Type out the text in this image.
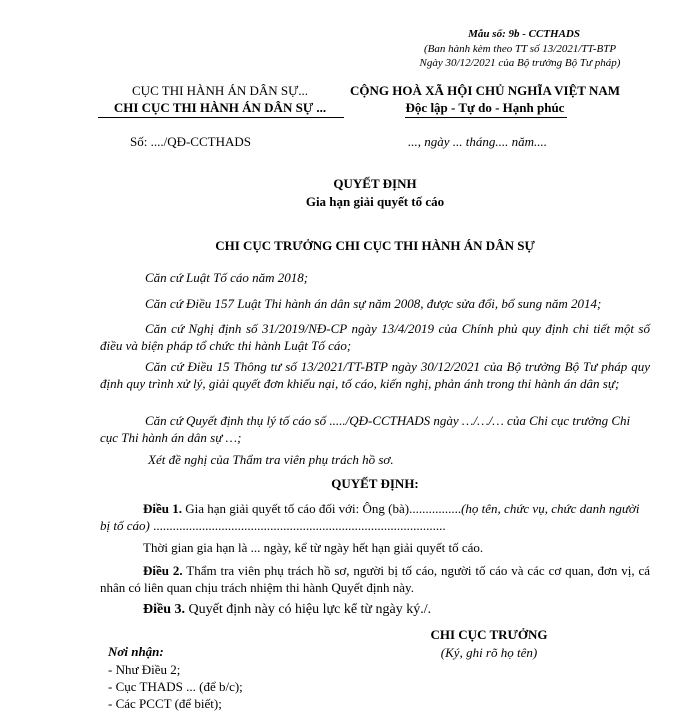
Mẫu số: 9b - CCTHADS
(Ban hành kèm theo TT số 13/2021/TT-BTP
Ngày 30/12/2021 của Bộ trưởng Bộ Tư pháp)
CỤC THI HÀNH ÁN DÂN SỰ...
CHI CỤC THI HÀNH ÁN DÂN SỰ ...
CỘNG HOÀ XÃ HỘI CHỦ NGHĨA VIỆT NAM
Độc lập - Tự do - Hạnh phúc
Số: ..../QĐ-CCTHADS	..., ngày ... tháng.... năm....
QUYẾT ĐỊNH
Gia hạn giải quyết tố cáo
CHI CỤC TRƯỞNG CHI CỤC THI HÀNH ÁN DÂN SỰ
Căn cứ Luật Tố cáo năm 2018;
Căn cứ Điều 157 Luật Thi hành án dân sự năm 2008, được sửa đổi, bổ sung năm 2014;
Căn cứ Nghị định số 31/2019/NĐ-CP ngày 13/4/2019 của Chính phủ quy định chi tiết một số điều và biện pháp tổ chức thi hành Luật Tố cáo;
Căn cứ Điều 15 Thông tư số 13/2021/TT-BTP ngày 30/12/2021 của Bộ trưởng Bộ Tư pháp quy định quy trình xử lý, giải quyết đơn khiếu nại, tố cáo, kiến nghị, phản ánh trong thi hành án dân sự;
Căn cứ Quyết định thụ lý tố cáo số ...../QĐ-CCTHADS ngày …/…/… của Chi cục trưởng Chi cục Thi hành án dân sự …;
Xét đề nghị của Thẩm tra viên phụ trách hồ sơ.
QUYẾT ĐỊNH:
Điều 1. Gia hạn giải quyết tố cáo đối với: Ông (bà)................(họ tên, chức vụ, chức danh người bị tố cáo) ..........................................................................................
Thời gian gia hạn là ... ngày, kể từ ngày hết hạn giải quyết tố cáo.
Điều 2. Thẩm tra viên phụ trách hồ sơ, người bị tố cáo, người tố cáo và các cơ quan, đơn vị, cá nhân có liên quan chịu trách nhiệm thi hành Quyết định này.
Điều 3. Quyết định này có hiệu lực kể từ ngày ký./.
CHI CỤC TRƯỞNG
(Ký, ghi rõ họ tên)
Nơi nhận:
- Như Điều 2;
- Cục THADS ... (để b/c);
- Các PCCT (để biết);
